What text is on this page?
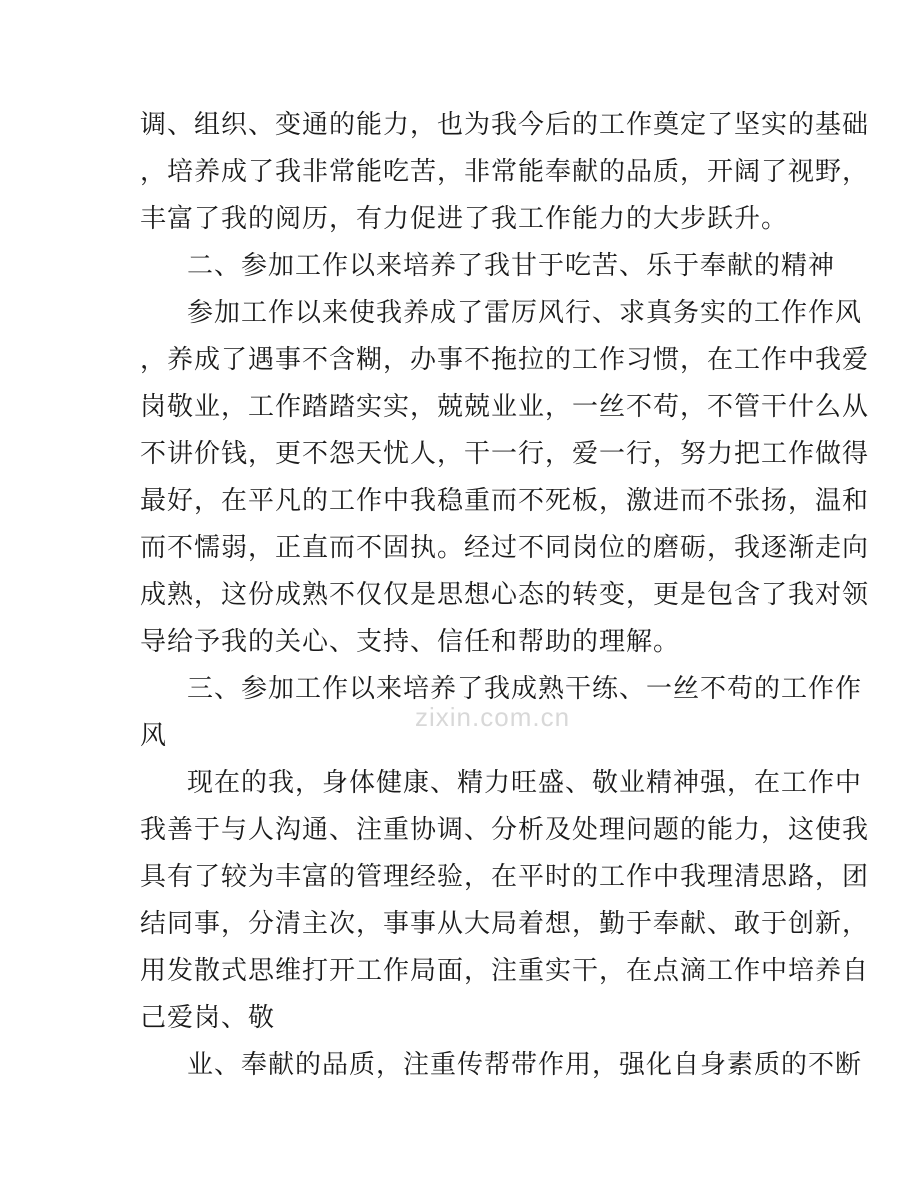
调、组织、变通的能力，也为我今后的工作奠定了坚实的基础
，培养成了我非常能吃苦，非常能奉献的品质，开阔了视野，
丰富了我的阅历，有力促进了我工作能力的大步跃升。
二、参加工作以来培养了我甘于吃苦、乐于奉献的精神
参加工作以来使我养成了雷厉风行、求真务实的工作作风
，养成了遇事不含糊，办事不拖拉的工作习惯，在工作中我爱
岗敬业，工作踏踏实实，兢兢业业，一丝不苟，不管干什么从
不讲价钱，更不怨天忧人，干一行，爱一行，努力把工作做得
最好，在平凡的工作中我稳重而不死板，激进而不张扬，温和
而不懦弱，正直而不固执。经过不同岗位的磨砺，我逐渐走向
成熟，这份成熟不仅仅是思想心态的转变，更是包含了我对领
导给予我的关心、支持、信任和帮助的理解。
三、参加工作以来培养了我成熟干练、一丝不苟的工作作
风
现在的我，身体健康、精力旺盛、敬业精神强，在工作中
我善于与人沟通、注重协调、分析及处理问题的能力，这使我
具有了较为丰富的管理经验，在平时的工作中我理清思路，团
结同事，分清主次，事事从大局着想，勤于奉献、敢于创新，
用发散式思维打开工作局面，注重实干，在点滴工作中培养自
己爱岗、敬
业、奉献的品质，注重传帮带作用，强化自身素质的不断
zixin.com.cn
